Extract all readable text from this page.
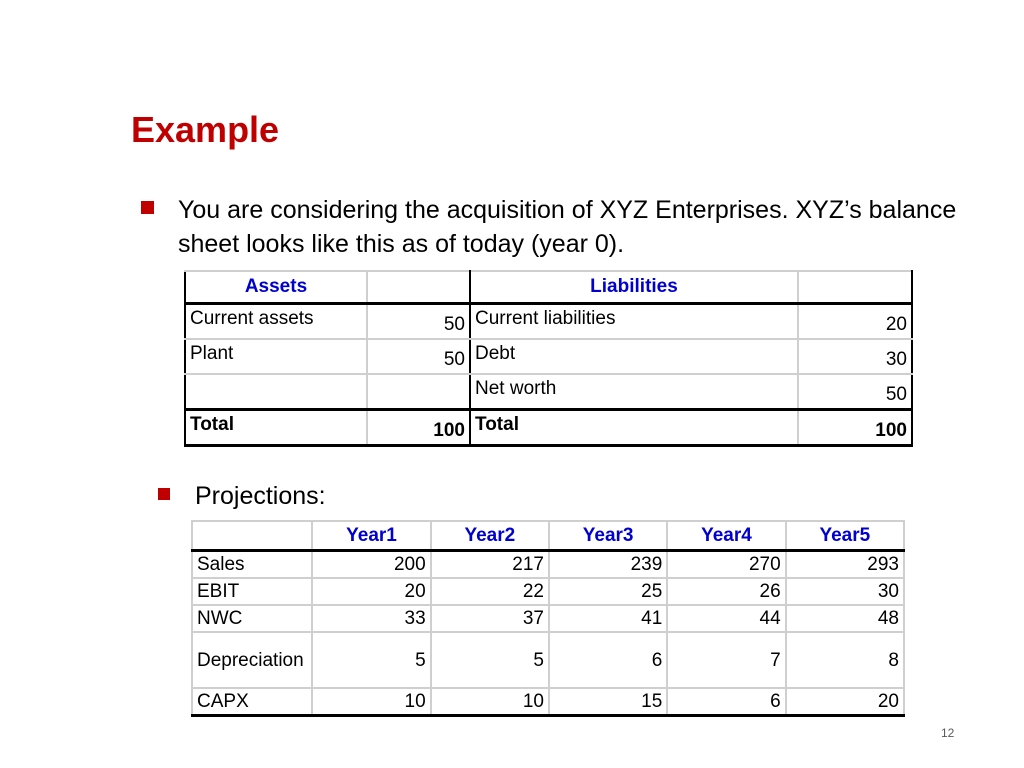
Example
You are considering the acquisition of XYZ Enterprises. XYZ’s balance sheet looks like this as of today (year 0).
Assets		Liabilities	
Current assets	50	Current liabilities	20
Plant	50	Debt	30
		Net worth	50
Total	100	Total	100
Projections:
	Year1	Year2	Year3	Year4	Year5
Sales	200	217	239	270	293
EBIT	20	22	25	26	30
NWC	33	37	41	44	48
Depreciation	5	5	6	7	8
CAPX	10	10	15	6	20
12
